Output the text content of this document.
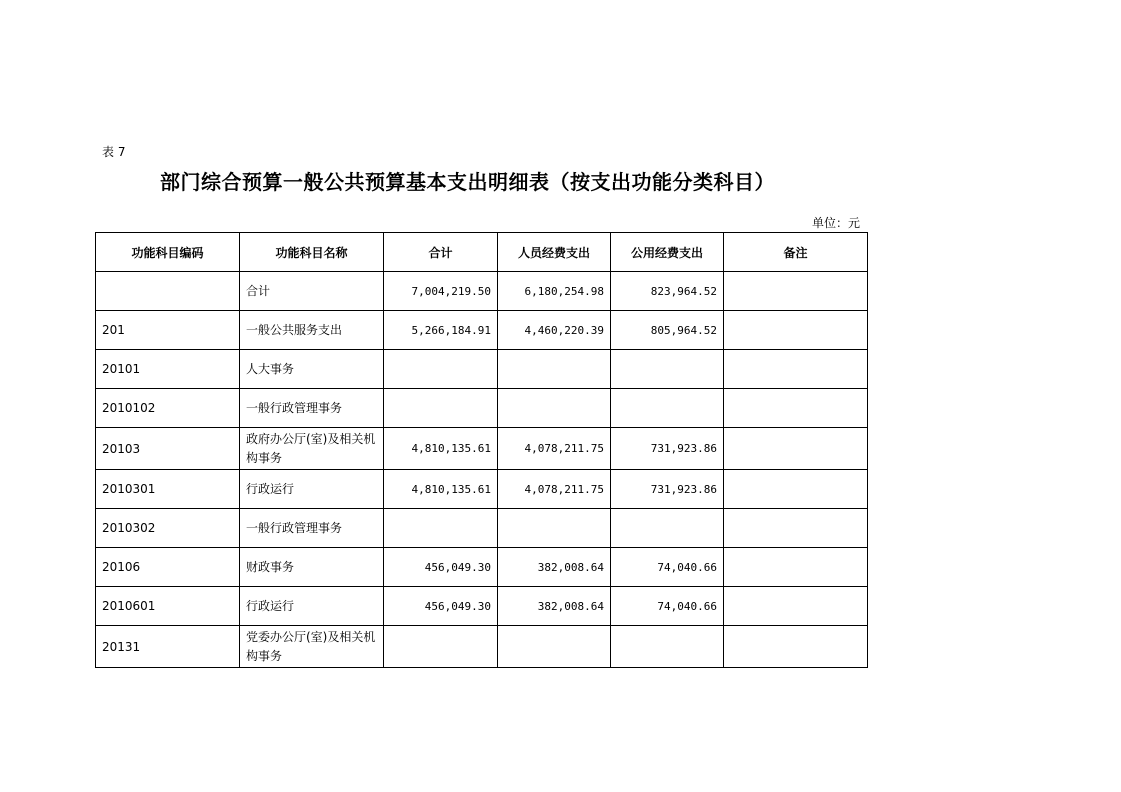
表 7
部门综合预算一般公共预算基本支出明细表（按支出功能分类科目）
单位：元
功能科目编码	功能科目名称	合计	人员经费支出	公用经费支出	备注
	合计	7,004,219.50	6,180,254.98	823,964.52	
201	一般公共服务支出	5,266,184.91	4,460,220.39	805,964.52	
20101	人大事务				
2010102	一般行政管理事务				
20103	政府办公厅(室)及相关机构事务	4,810,135.61	4,078,211.75	731,923.86	
2010301	行政运行	4,810,135.61	4,078,211.75	731,923.86	
2010302	一般行政管理事务				
20106	财政事务	456,049.30	382,008.64	74,040.66	
2010601	行政运行	456,049.30	382,008.64	74,040.66	
20131	党委办公厅(室)及相关机构事务				
